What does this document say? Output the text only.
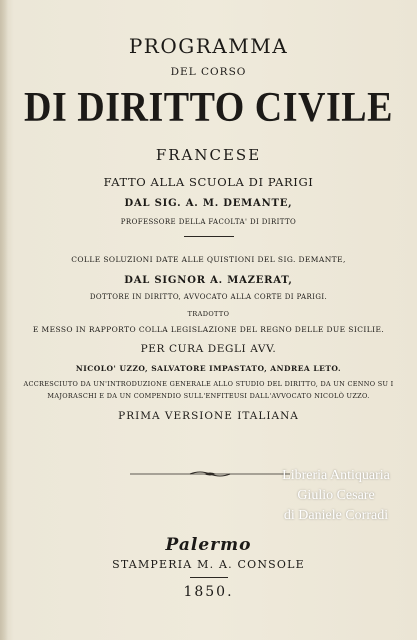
PROGRAMMA
DEL CORSO
DI DIRITTO CIVILE
FRANCESE
FATTO ALLA SCUOLA DI PARIGI
DAL SIG. A. M. DEMANTE,
PROFESSORE DELLA FACOLTA' DI DIRITTO
COLLE SOLUZIONI DATE ALLE QUISTIONI DEL SIG. DEMANTE,
DAL SIGNOR A. MAZERAT,
DOTTORE IN DIRITTO, AVVOCATO ALLA CORTE DI PARIGI.
TRADOTTO
E MESSO IN RAPPORTO COLLA LEGISLAZIONE DEL REGNO DELLE DUE SICILIE.
PER CURA DEGLI AVV.
NICOLO' UZZO, SALVATORE IMPASTATO, ANDREA LETO.
ACCRESCIUTO DA UN'INTRODUZIONE GENERALE ALLO STUDIO DEL DIRITTO, DA UN CENNO SU I
MAJORASCHI E DA UN COMPENDIO SULL'ENFITEUSI DALL'AVVOCATO NICOLÒ UZZO.
PRIMA VERSIONE ITALIANA
Libreria Antiquaria
Giulio Cesare
di Daniele Corradi
Palermo
STAMPERIA M. A. CONSOLE
1850.
